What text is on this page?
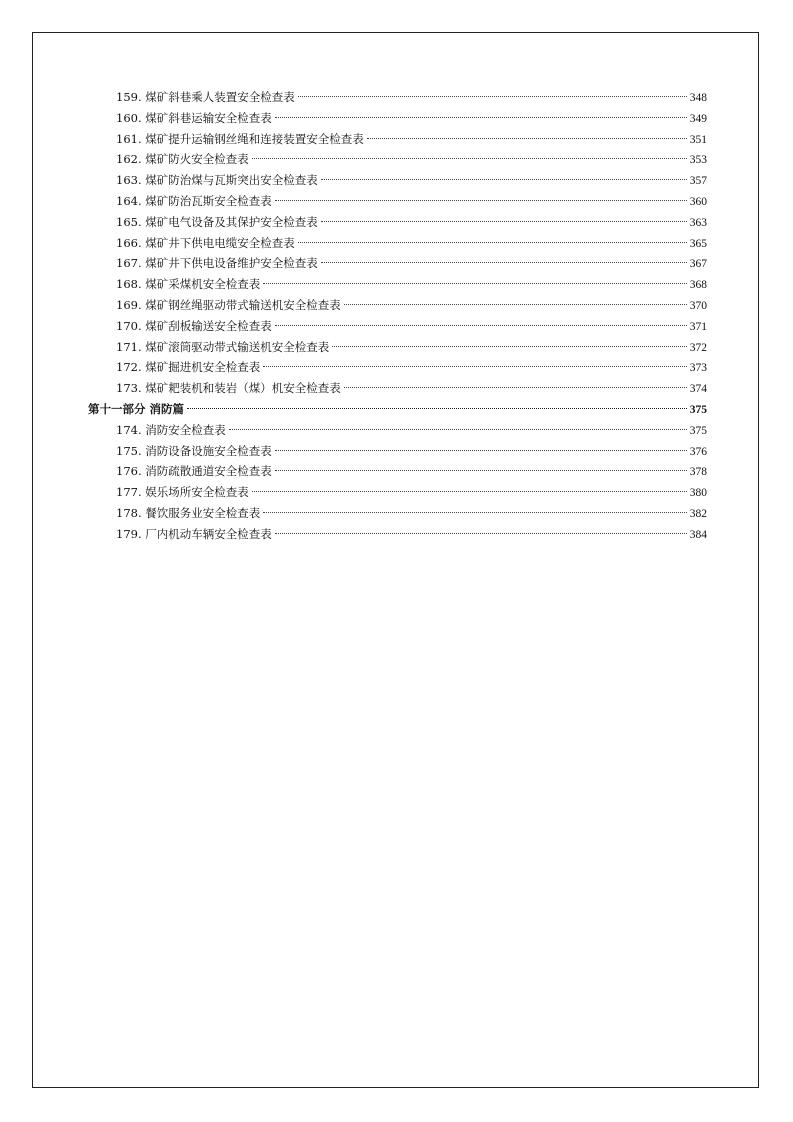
159. 煤矿斜巷乘人装置安全检查表	348
160. 煤矿斜巷运输安全检查表	349
161. 煤矿提升运输钢丝绳和连接装置安全检查表	351
162. 煤矿防火安全检查表	353
163. 煤矿防治煤与瓦斯突出安全检查表	357
164. 煤矿防治瓦斯安全检查表	360
165. 煤矿电气设备及其保护安全检查表	363
166. 煤矿井下供电电缆安全检查表	365
167. 煤矿井下供电设备维护安全检查表	367
168. 煤矿采煤机安全检查表	368
169. 煤矿钢丝绳驱动带式输送机安全检查表	370
170. 煤矿刮板输送安全检查表	371
171. 煤矿滚筒驱动带式输送机安全检查表	372
172. 煤矿掘进机安全检查表	373
173. 煤矿耙装机和装岩（煤）机安全检查表	374
第十一部分 消防篇	375
174. 消防安全检查表	375
175. 消防设备设施安全检查表	376
176. 消防疏散通道安全检查表	378
177. 娱乐场所安全检查表	380
178. 餐饮服务业安全检查表	382
179. 厂内机动车辆安全检查表	384
